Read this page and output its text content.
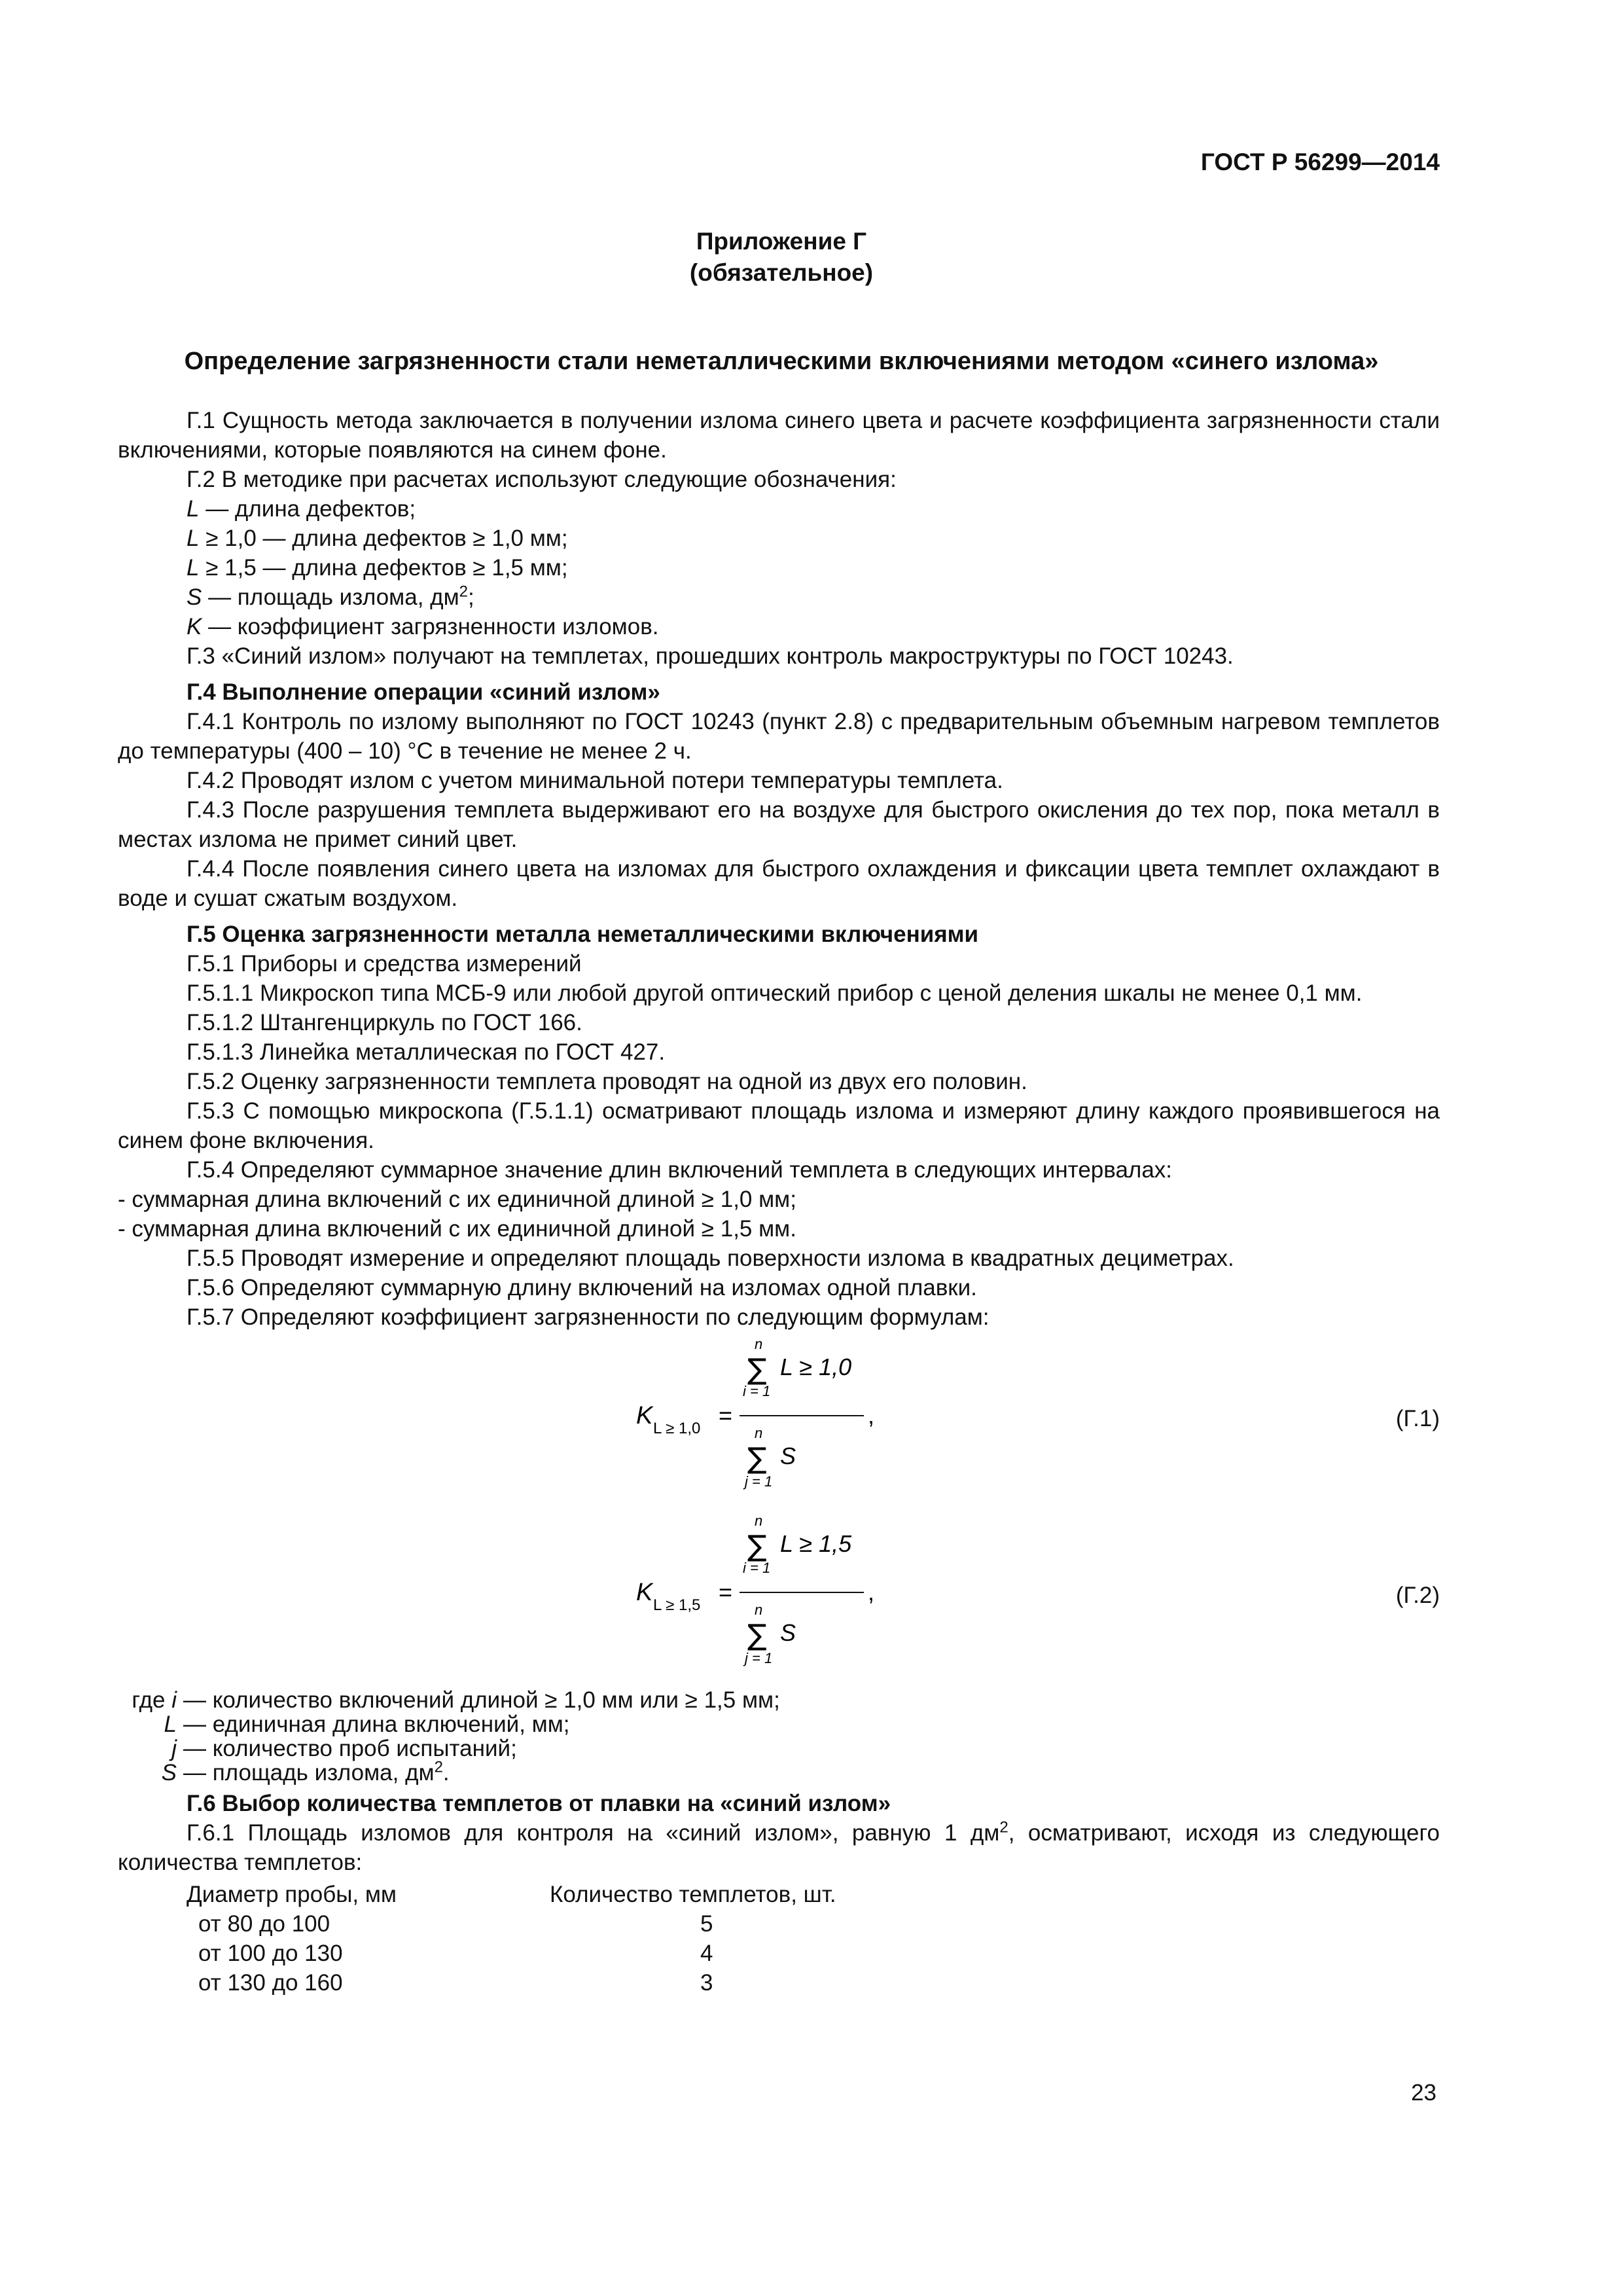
ГОСТ Р 56299—2014
Приложение Г
(обязательное)
Определение загрязненности стали неметаллическими включениями методом «синего излома»

Г.1 Сущность метода заключается в получении излома синего цвета и расчете коэффициента загрязненности стали включениями, которые появляются на синем фоне.

Г.2 В методике при расчетах используют следующие обозначения:

L — длина дефектов;

L ≥ 1,0 — длина дефектов ≥ 1,0 мм;

L ≥ 1,5 — длина дефектов ≥ 1,5 мм;

S — площадь излома, $дм^2$;

K — коэффициент загрязненности изломов.

Г.3 «Синий излом» получают на темплетах, прошедших контроль макроструктуры по ГОСТ 10243.

Г.4 Выполнение операции «синий излом»

Г.4.1 Контроль по излому выполняют по ГОСТ 10243 (пункт 2.8) с предварительным объемным нагревом темплетов до температуры (400 – 10) °С в течение не менее 2 ч.

Г.4.2 Проводят излом с учетом минимальной потери температуры темплета.

Г.4.3 После разрушения темплета выдерживают его на воздухе для быстрого окисления до тех пор, пока металл в местах излома не примет синий цвет.

Г.4.4 После появления синего цвета на изломах для быстрого охлаждения и фиксации цвета темплет охлаждают в воде и сушат сжатым воздухом.

Г.5 Оценка загрязненности металла неметаллическими включениями

Г.5.1 Приборы и средства измерений

Г.5.1.1 Микроскоп типа МСБ-9 или любой другой оптический прибор с ценой деления шкалы не менее 0,1 мм.

Г.5.1.2 Штангенциркуль по ГОСТ 166.

Г.5.1.3 Линейка металлическая по ГОСТ 427.

Г.5.2 Оценку загрязненности темплета проводят на одной из двух его половин.

Г.5.3 С помощью микроскопа (Г.5.1.1) осматривают площадь излома и измеряют длину каждого проявившегося на синем фоне включения.

Г.5.4 Определяют суммарное значение длин включений темплета в следующих интервалах:

- суммарная длина включений с их единичной длиной ≥ 1,0 мм;

- суммарная длина включений с их единичной длиной ≥ 1,5 мм.

Г.5.5 Проводят измерение и определяют площадь поверхности излома в квадратных дециметрах.

Г.5.6 Определяют суммарную длину включений на изломах одной плавки.

Г.5.7 Определяют коэффициент загрязненности по следующим формулам:

K L ≥ 1,0 =	,
n
∑ L ≥ 1,0
i = 1
n
∑ S
j = 1
(Г.1)
K L ≥ 1,5 =	,
n
∑ L ≥ 1,5
i = 1
n
∑ S
j = 1
(Г.2)
где i — количество включений длиной ≥ 1,0 мм или ≥ 1,5 мм;
L — единичная длина включений, мм;
j — количество проб испытаний;
S — площадь излома, $дм^2$.

Г.6 Выбор количества темплетов от плавки на «синий излом»

Г.6.1 Площадь изломов для контроля на «синий излом», равную 1 $дм^2$, осматривают, исходя из следующего количества темплетов:

Диаметр пробы, мм	Количество темплетов, шт.
от 80 до 100	5
от 100 до 130	4
от 130 до 160	3
23
